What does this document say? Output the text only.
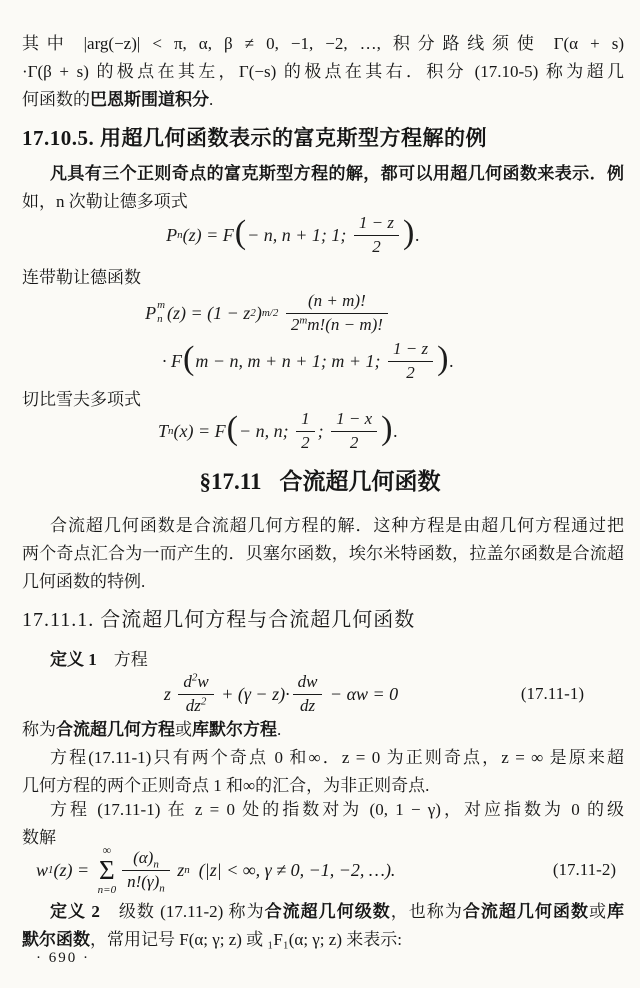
其中 |arg(−z)| < π, α, β ≠ 0, −1, −2, …, 积分路线须使 Γ(α + s)
·Γ(β + s) 的极点在其左，Γ(−s) 的极点在其右．积分 (17.10-5) 称为超几
何函数的巴恩斯围道积分.
17.10.5. 用超几何函数表示的富克斯型方程解的例
凡具有三个正则奇点的富克斯型方程的解，都可以用超几何函数来表示．例
如，n 次勒让德多项式
P n (z) = F ( − n, n + 1; 1; $\frac{1 - z}{2}$ ) .
连带勒让德函数
P m
n (z) = (1 − z 2 ) m/2
$\frac{(n + m)!}{2^mm!(n - m)!}$
· F ( m − n, m + n + 1; m + 1; $\frac{1 - z}{2}$ ) .
切比雪夫多项式
T n (x) = F ( − n, n; $\frac{1}{2}$ ; $\frac{1 - x}{2}$ ) .
§17.11 合流超几何函数
合流超几何函数是合流超几何方程的解．这种方程是由超几何方程通过把
两个奇点汇合为一而产生的．贝塞尔函数，埃尔米特函数，拉盖尔函数是合流超
几何函数的特例.
17.11.1. 合流超几何方程与合流超几何函数
定义 1　方程
z $\frac{d^2w}{dz^2} + (\gamma - z)\cdot \frac{dw}{dz} - \alpha w = 0$	(17.11-1)
称为合流超几何方程或库默尔方程.
方程(17.11-1)只有两个奇点 0 和∞．z = 0 为正则奇点，z = ∞ 是原来超
几何方程的两个正则奇点 1 和∞的汇合，为非正则奇点.
方程 (17.11-1) 在 z = 0 处的指数对为 (0, 1 − γ)，对应指数为 0 的级
数解
w 1 (z) =
∞
Σ
$n=0 \frac{(\alpha)_n}{n!(\gamma)_n}$ z n (|z| < ∞, γ ≠ 0, −1, −2, …).	(17.11-2)
定义 2　级数 (17.11-2) 称为合流超几何级数，也称为合流超几何函数或库
默尔函数，常用记号 F(α; γ; z) 或 ₁F₁(α; γ; z) 来表示:
· 690 ·
